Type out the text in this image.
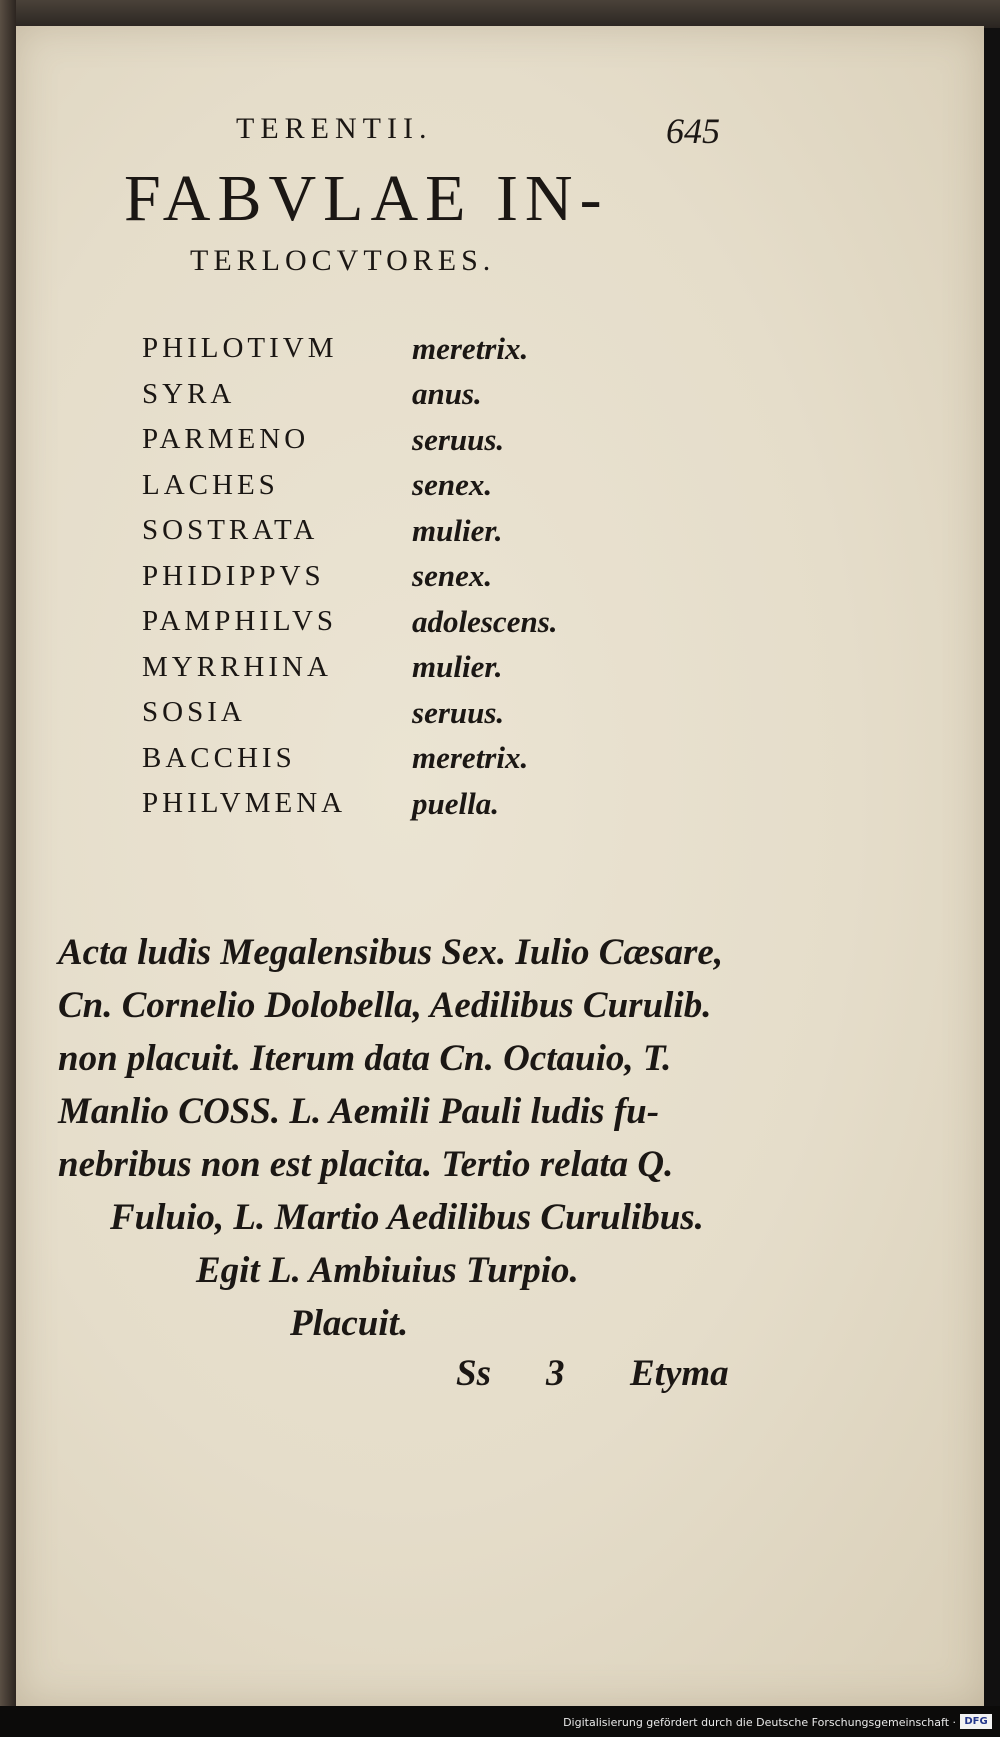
TERENTII.	645
FABVLAE IN-
TERLOCVTORES.
PHILOTIVM	meretrix.
SYRA	anus.
PARMENO	seruus.
LACHES	senex.
SOSTRATA	mulier.
PHIDIPPVS	senex.
PAMPHILVS	adolescens.
MYRRHINA	mulier.
SOSIA	seruus.
BACCHIS	meretrix.
PHILVMENA	puella.
Acta ludis Megalensibus Sex. Iulio Cæsare,
Cn. Cornelio Dolobella, Aedilibus Curulib.
non placuit. Iterum data Cn. Octauio, T.
Manlio COSS. L. Aemili Pauli ludis fu-
nebribus non est placita. Tertio relata Q.
Fuluio, L. Martio Aedilibus Curulibus.
Egit L. Ambiuius Turpio.
Placuit.
Ss 3 Etyma
Digitalisierung gefördert durch die Deutsche Forschungsgemeinschaft · DFG
